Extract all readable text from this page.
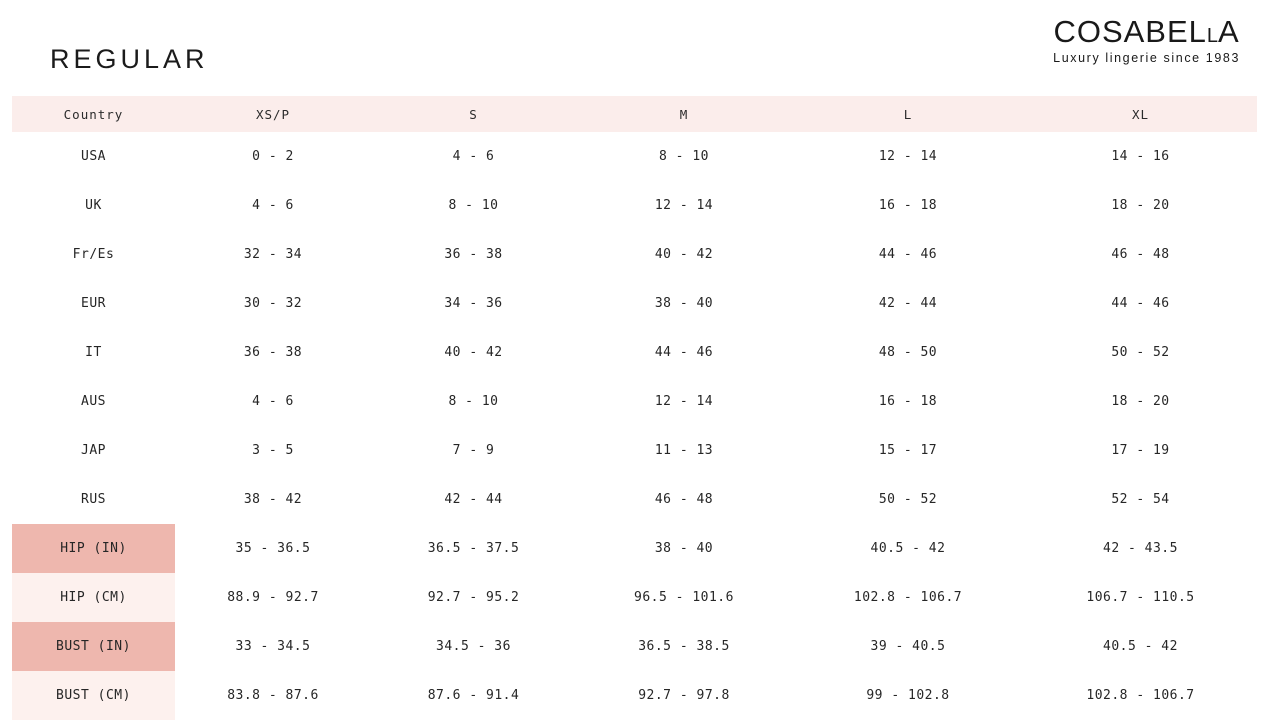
REGULAR
COSABELLA
Luxury lingerie since 1983
Country	XS/P	S	M	L	XL
USA	0 - 2	4 - 6	8 - 10	12 - 14	14 - 16
UK	4 - 6	8 - 10	12 - 14	16 - 18	18 - 20
Fr/Es	32 - 34	36 - 38	40 - 42	44 - 46	46 - 48
EUR	30 - 32	34 - 36	38 - 40	42 - 44	44 - 46
IT	36 - 38	40 - 42	44 - 46	48 - 50	50 - 52
AUS	4 - 6	8 - 10	12 - 14	16 - 18	18 - 20
JAP	3 - 5	7 - 9	11 - 13	15 - 17	17 - 19
RUS	38 - 42	42 - 44	46 - 48	50 - 52	52 - 54
HIP (IN)	35 - 36.5	36.5 - 37.5	38 - 40	40.5 - 42	42 - 43.5
HIP (CM)	88.9 - 92.7	92.7 - 95.2	96.5 - 101.6	102.8 - 106.7	106.7 - 110.5
BUST (IN)	33 - 34.5	34.5 - 36	36.5 - 38.5	39 - 40.5	40.5 - 42
BUST (CM)	83.8 - 87.6	87.6 - 91.4	92.7 - 97.8	99 - 102.8	102.8 - 106.7
